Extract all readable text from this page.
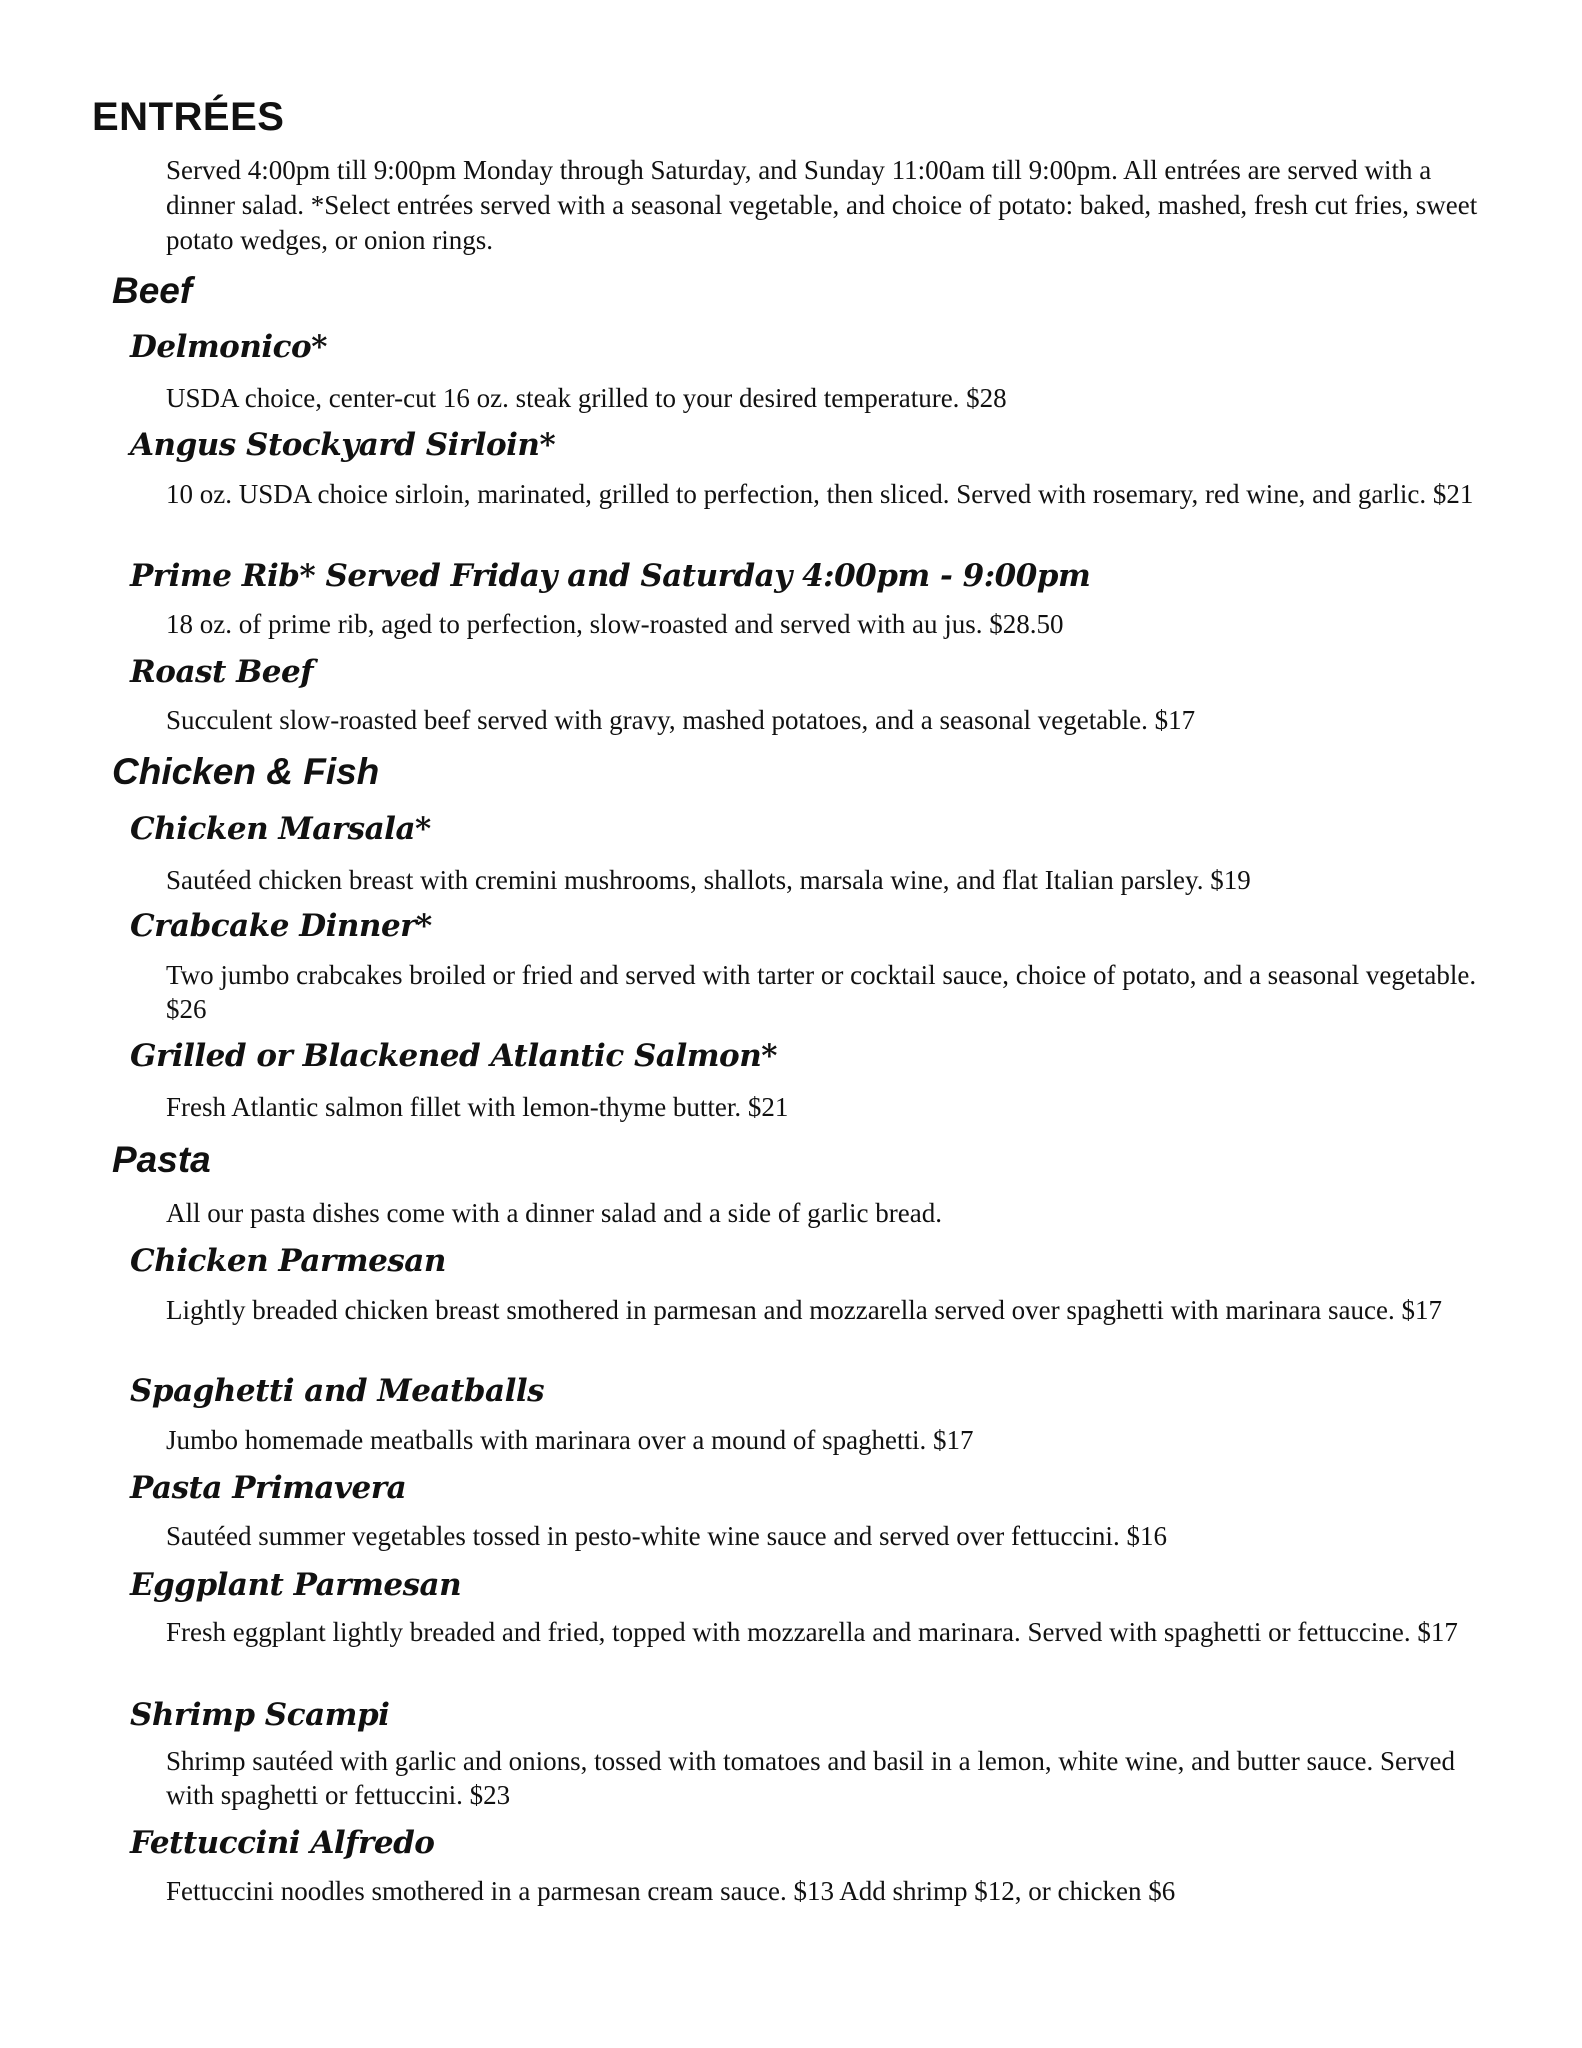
ENTRÉES

Served 4:00pm till 9:00pm Monday through Saturday, and Sunday 11:00am till 9:00pm. All entrées are served with a dinner salad. *Select entrées served with a seasonal vegetable, and choice of potato: baked, mashed, fresh cut fries, sweet potato wedges, or onion rings.

Beef
Delmonico*

USDA choice, center-cut 16 oz. steak grilled to your desired temperature. $28

Angus Stockyard Sirloin*

10 oz. USDA choice sirloin, marinated, grilled to perfection, then sliced. Served with rosemary, red wine, and garlic. $21

Prime Rib* Served Friday and Saturday 4:00pm - 9:00pm

18 oz. of prime rib, aged to perfection, slow-roasted and served with au jus. $28.50

Roast Beef

Succulent slow-roasted beef served with gravy, mashed potatoes, and a seasonal vegetable. $17

Chicken & Fish
Chicken Marsala*

Sautéed chicken breast with cremini mushrooms, shallots, marsala wine, and flat Italian parsley. $19

Crabcake Dinner*

Two jumbo crabcakes broiled or fried and served with tarter or cocktail sauce, choice of potato, and a seasonal vegetable. $26

Grilled or Blackened Atlantic Salmon*

Fresh Atlantic salmon fillet with lemon-thyme butter. $21

Pasta

All our pasta dishes come with a dinner salad and a side of garlic bread.

Chicken Parmesan

Lightly breaded chicken breast smothered in parmesan and mozzarella served over spaghetti with marinara sauce. $17

Spaghetti and Meatballs

Jumbo homemade meatballs with marinara over a mound of spaghetti. $17

Pasta Primavera

Sautéed summer vegetables tossed in pesto-white wine sauce and served over fettuccini. $16

Eggplant Parmesan

Fresh eggplant lightly breaded and fried, topped with mozzarella and marinara. Served with spaghetti or fettuccine. $17

Shrimp Scampi

Shrimp sautéed with garlic and onions, tossed with tomatoes and basil in a lemon, white wine, and butter sauce. Served with spaghetti or fettuccini. $23

Fettuccini Alfredo

Fettuccini noodles smothered in a parmesan cream sauce. $13 Add shrimp $12, or chicken $6
